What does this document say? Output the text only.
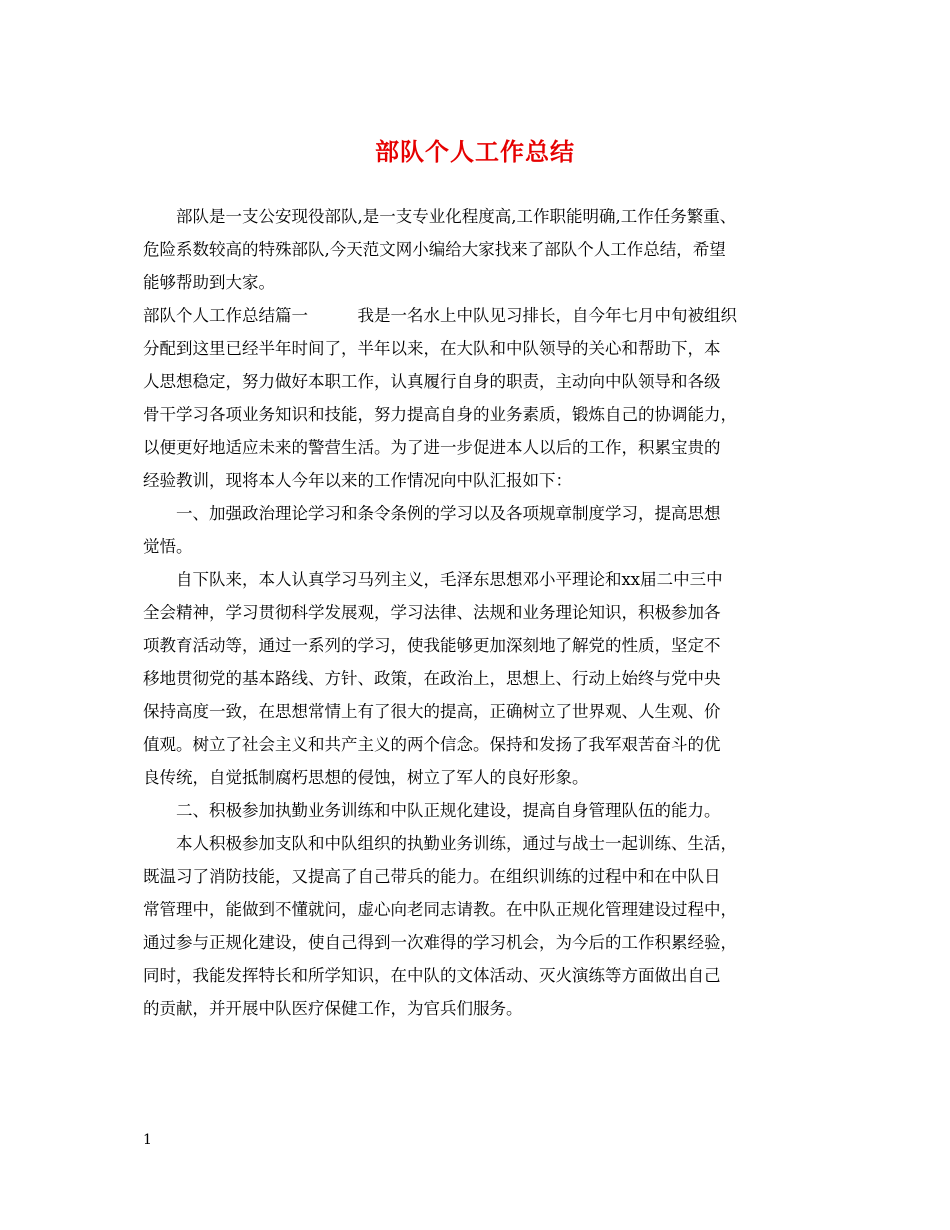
部队个人工作总结
　　部队是一支公安现役部队,是一支专业化程度高,工作职能明确,工作任务繁重、
危险系数较高的特殊部队,今天范文网小编给大家找来了部队个人工作总结，希望
能够帮助到大家。
部队个人工作总结篇一　　　我是一名水上中队见习排长，自今年七月中旬被组织
分配到这里已经半年时间了，半年以来，在大队和中队领导的关心和帮助下，本
人思想稳定，努力做好本职工作，认真履行自身的职责，主动向中队领导和各级
骨干学习各项业务知识和技能，努力提高自身的业务素质，锻炼自己的协调能力，
以便更好地适应未来的警营生活。为了进一步促进本人以后的工作，积累宝贵的
经验教训，现将本人今年以来的工作情况向中队汇报如下：
　　一、加强政治理论学习和条令条例的学习以及各项规章制度学习，提高思想
觉悟。
　　自下队来，本人认真学习马列主义，毛泽东思想邓小平理论和xx届二中三中
全会精神，学习贯彻科学发展观，学习法律、法规和业务理论知识，积极参加各
项教育活动等，通过一系列的学习，使我能够更加深刻地了解党的性质，坚定不
移地贯彻党的基本路线、方针、政策，在政治上，思想上、行动上始终与党中央
保持高度一致，在思想常情上有了很大的提高，正确树立了世界观、人生观、价
值观。树立了社会主义和共产主义的两个信念。保持和发扬了我军艰苦奋斗的优
良传统，自觉抵制腐朽思想的侵蚀，树立了军人的良好形象。
　　二、积极参加执勤业务训练和中队正规化建设，提高自身管理队伍的能力。
　　本人积极参加支队和中队组织的执勤业务训练，通过与战士一起训练、生活，
既温习了消防技能，又提高了自己带兵的能力。在组织训练的过程中和在中队日
常管理中，能做到不懂就问，虚心向老同志请教。在中队正规化管理建设过程中，
通过参与正规化建设，使自己得到一次难得的学习机会，为今后的工作积累经验，
同时，我能发挥特长和所学知识，在中队的文体活动、灭火演练等方面做出自己
的贡献，并开展中队医疗保健工作，为官兵们服务。
1
